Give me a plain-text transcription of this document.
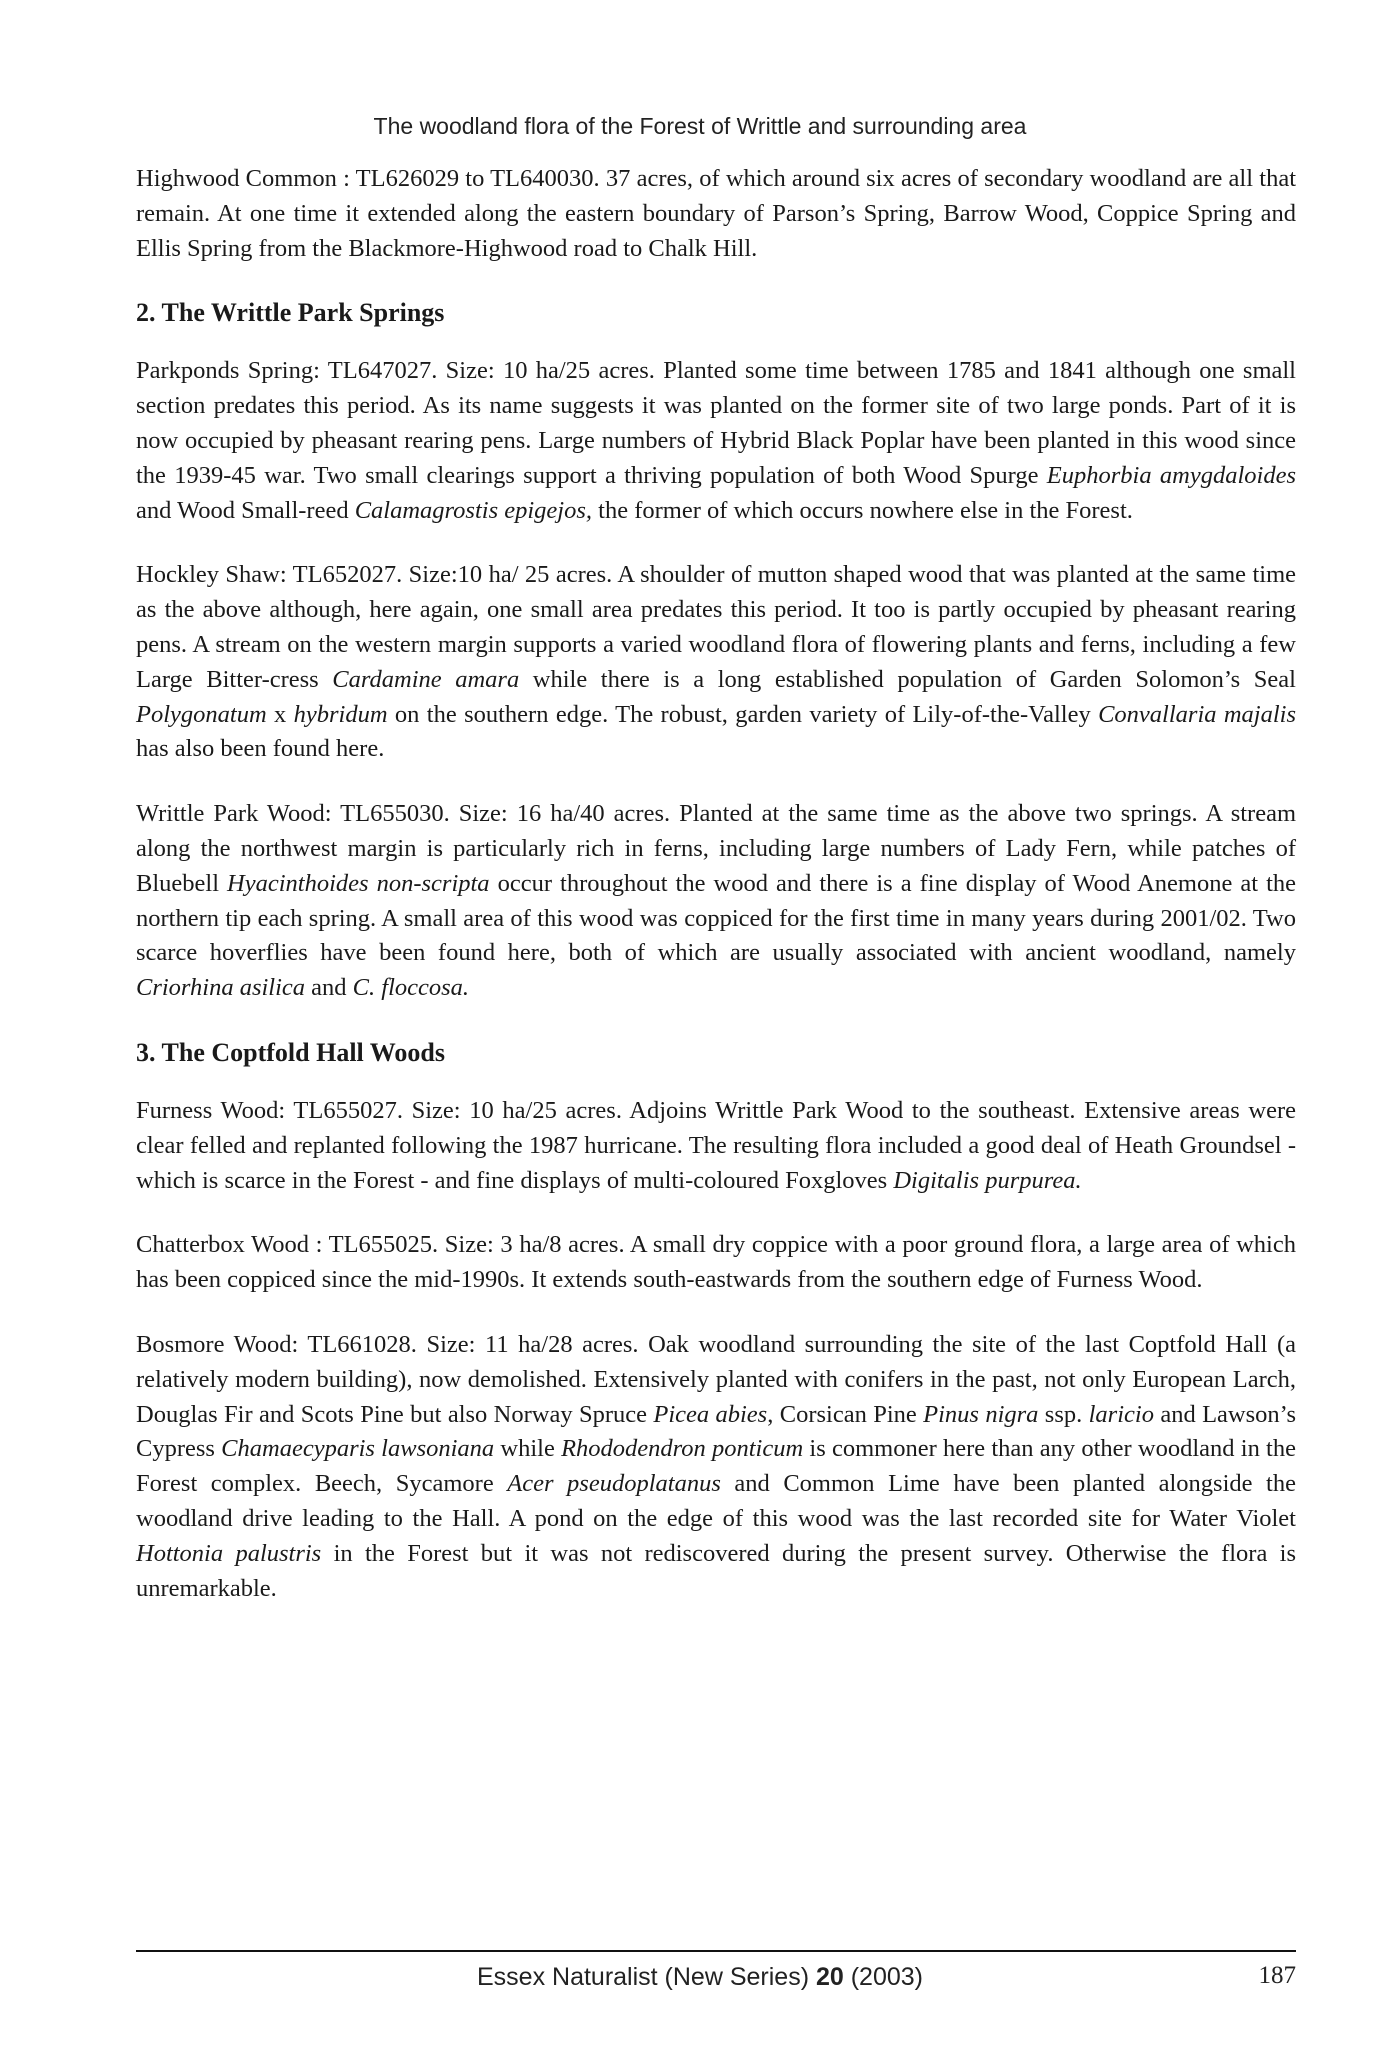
The woodland flora of the Forest of Writtle and surrounding area

Highwood Common : TL626029 to TL640030. 37 acres, of which around six acres of secondary woodland are all that remain. At one time it extended along the eastern boundary of Parson’s Spring, Barrow Wood, Coppice Spring and Ellis Spring from the Blackmore-Highwood road to Chalk Hill.

2. The Writtle Park Springs

Parkponds Spring: TL647027. Size: 10 ha/25 acres. Planted some time between 1785 and 1841 although one small section predates this period. As its name suggests it was planted on the former site of two large ponds. Part of it is now occupied by pheasant rearing pens. Large numbers of Hybrid Black Poplar have been planted in this wood since the 1939-45 war. Two small clearings support a thriving population of both Wood Spurge Euphorbia amygdaloides and Wood Small-reed Calamagrostis epigejos, the former of which occurs nowhere else in the Forest.

Hockley Shaw: TL652027. Size:10 ha/ 25 acres. A shoulder of mutton shaped wood that was planted at the same time as the above although, here again, one small area predates this period. It too is partly occupied by pheasant rearing pens. A stream on the western margin supports a varied woodland flora of flowering plants and ferns, including a few Large Bitter-cress Cardamine amara while there is a long established population of Garden Solomon’s Seal Polygonatum x hybridum on the southern edge. The robust, garden variety of Lily-of-the-Valley Convallaria majalis has also been found here.

Writtle Park Wood: TL655030. Size: 16 ha/40 acres. Planted at the same time as the above two springs. A stream along the northwest margin is particularly rich in ferns, including large numbers of Lady Fern, while patches of Bluebell Hyacinthoides non-scripta occur throughout the wood and there is a fine display of Wood Anemone at the northern tip each spring. A small area of this wood was coppiced for the first time in many years during 2001/02. Two scarce hoverflies have been found here, both of which are usually associated with ancient woodland, namely Criorhina asilica and C. floccosa.

3. The Coptfold Hall Woods

Furness Wood: TL655027. Size: 10 ha/25 acres. Adjoins Writtle Park Wood to the southeast. Extensive areas were clear felled and replanted following the 1987 hurricane. The resulting flora included a good deal of Heath Groundsel - which is scarce in the Forest - and fine displays of multi-coloured Foxgloves Digitalis purpurea.

Chatterbox Wood : TL655025. Size: 3 ha/8 acres. A small dry coppice with a poor ground flora, a large area of which has been coppiced since the mid-1990s. It extends south-eastwards from the southern edge of Furness Wood.

Bosmore Wood: TL661028. Size: 11 ha/28 acres. Oak woodland surrounding the site of the last Coptfold Hall (a relatively modern building), now demolished. Extensively planted with conifers in the past, not only European Larch, Douglas Fir and Scots Pine but also Norway Spruce Picea abies, Corsican Pine Pinus nigra ssp. laricio and Lawson’s Cypress Chamaecyparis lawsoniana while Rhododendron ponticum is commoner here than any other woodland in the Forest complex. Beech, Sycamore Acer pseudoplatanus and Common Lime have been planted alongside the woodland drive leading to the Hall. A pond on the edge of this wood was the last recorded site for Water Violet Hottonia palustris in the Forest but it was not rediscovered during the present survey. Otherwise the flora is unremarkable.

Essex Naturalist (New Series) 20 (2003)	187
